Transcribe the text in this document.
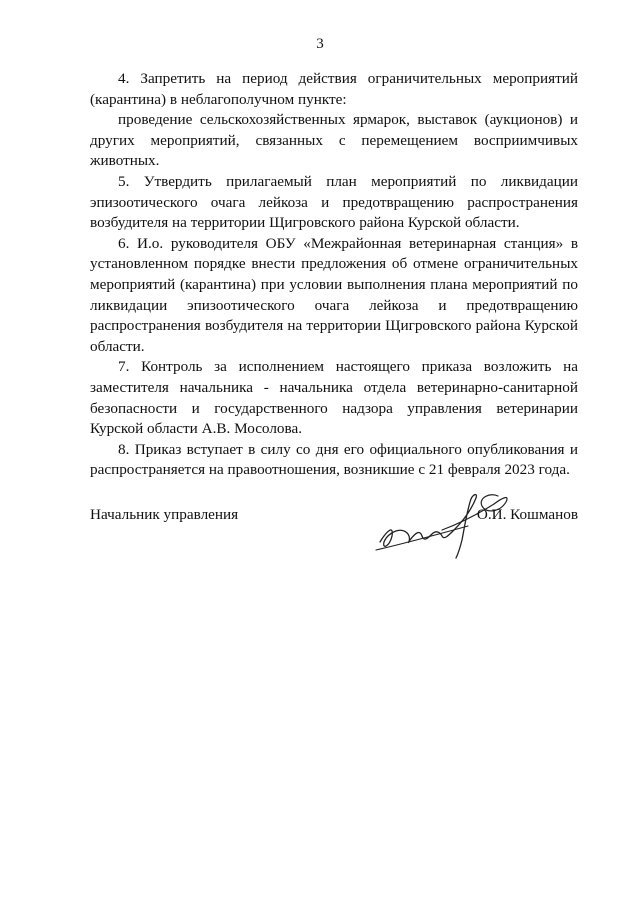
3

4. Запретить на период действия ограничительных мероприятий (карантина) в неблагополучном пункте:

проведение сельскохозяйственных ярмарок, выставок (аукционов) и других мероприятий, связанных с перемещением восприимчивых животных.

5. Утвердить прилагаемый план мероприятий по ликвидации эпизоотического очага лейкоза и предотвращению распространения возбудителя на территории Щигровского района Курской области.

6. И.о. руководителя ОБУ «Межрайонная ветеринарная станция» в установленном порядке внести предложения об отмене ограничительных мероприятий (карантина) при условии выполнения плана мероприятий по ликвидации эпизоотического очага лейкоза и предотвращению распространения возбудителя на территории Щигровского района Курской области.

7. Контроль за исполнением настоящего приказа возложить на заместителя начальника - начальника отдела ветеринарно-санитарной безопасности и государственного надзора управления ветеринарии Курской области А.В. Мосолова.

8. Приказ вступает в силу со дня его официального опубликования и распространяется на правоотношения, возникшие с 21 февраля 2023 года.

Начальник управления	О.И. Кошманов
